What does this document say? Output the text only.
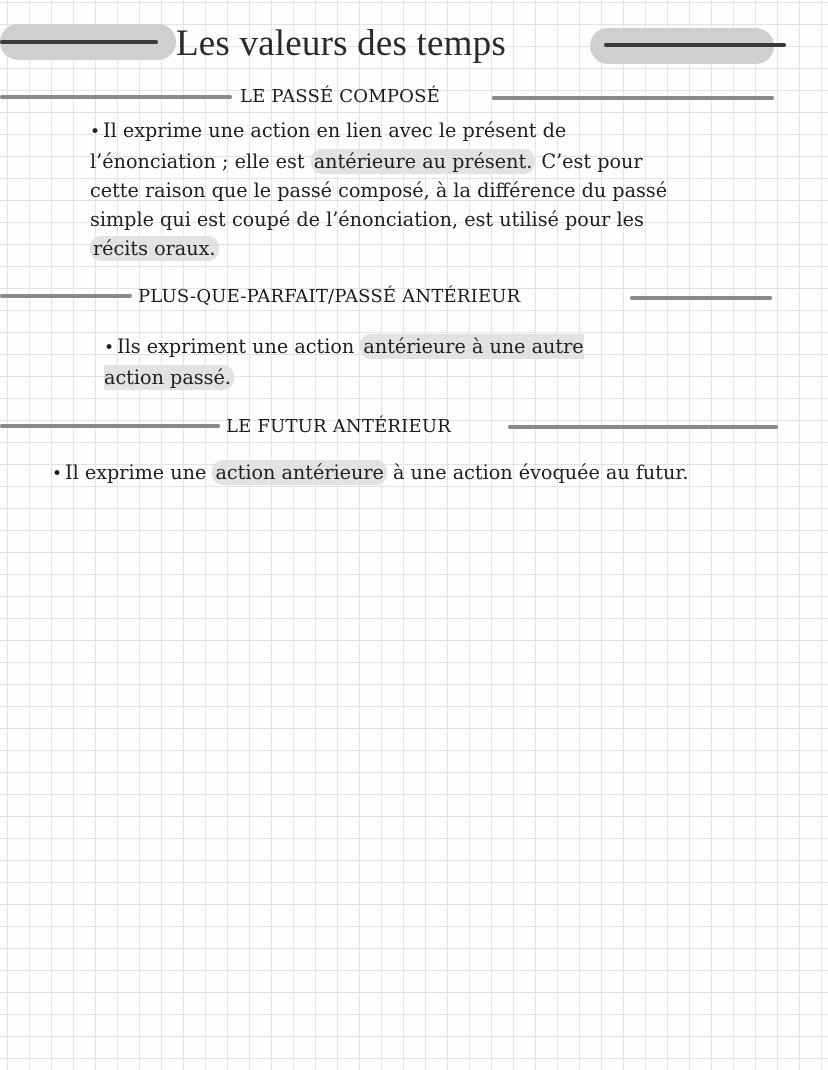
Les valeurs des temps
LE PASSÉ COMPOSÉ
• Il exprime une action en lien avec le présent de l’énonciation ; elle est antérieure au présent. C’est pour cette raison que le passé composé, à la différence du passé simple qui est coupé de l’énonciation, est utilisé pour les récits oraux.
PLUS-QUE-PARFAIT/PASSÉ ANTÉRIEUR
• Ils expriment une action antérieure à une autre action passé.
LE FUTUR ANTÉRIEUR
• Il exprime une action antérieure à une action évoquée au futur.
